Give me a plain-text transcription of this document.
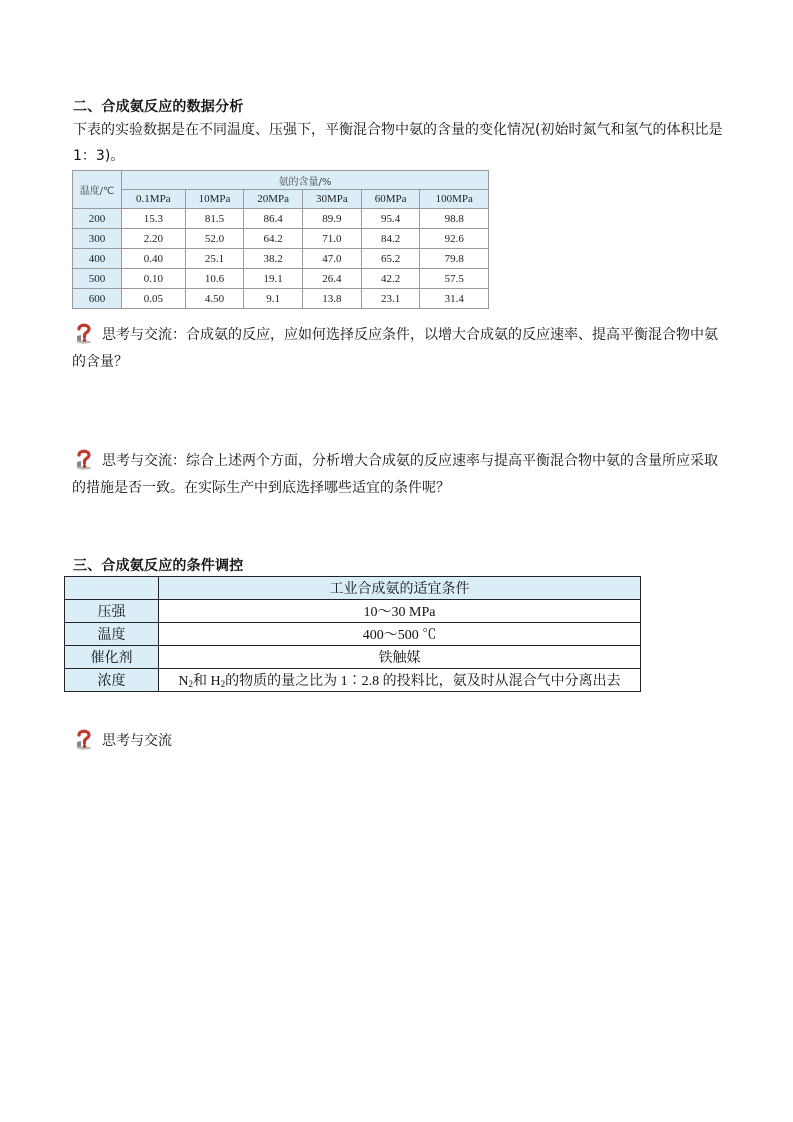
二、合成氨反应的数据分析
下表的实验数据是在不同温度、压强下，平衡混合物中氨的含量的变化情况(初始时氮气和氢气的体积比是
1：3)。
温度/℃	氨的含量/%					
	0.1MPa	10MPa	20MPa	30MPa	60MPa	100MPa
200	15.3	81.5	86.4	89.9	95.4	98.8
300	2.20	52.0	64.2	71.0	84.2	92.6
400	0.40	25.1	38.2	47.0	65.2	79.8
500	0.10	10.6	19.1	26.4	42.2	57.5
600	0.05	4.50	9.1	13.8	23.1	31.4
思考与交流：合成氨的反应，应如何选择反应条件，以增大合成氨的反应速率、提高平衡混合物中氨
的含量？
思考与交流：综合上述两个方面，分析增大合成氨的反应速率与提高平衡混合物中氨的含量所应采取
的措施是否一致。在实际生产中到底选择哪些适宜的条件呢？
三、合成氨反应的条件调控
	工业合成氨的适宜条件
压强	10～30 MPa
温度	400～500 ℃
催化剂	铁触媒
浓度	$N_2$和 $H_2$的物质的量之比为 1∶2.8 的投料比，氨及时从混合气中分离出去
思考与交流
